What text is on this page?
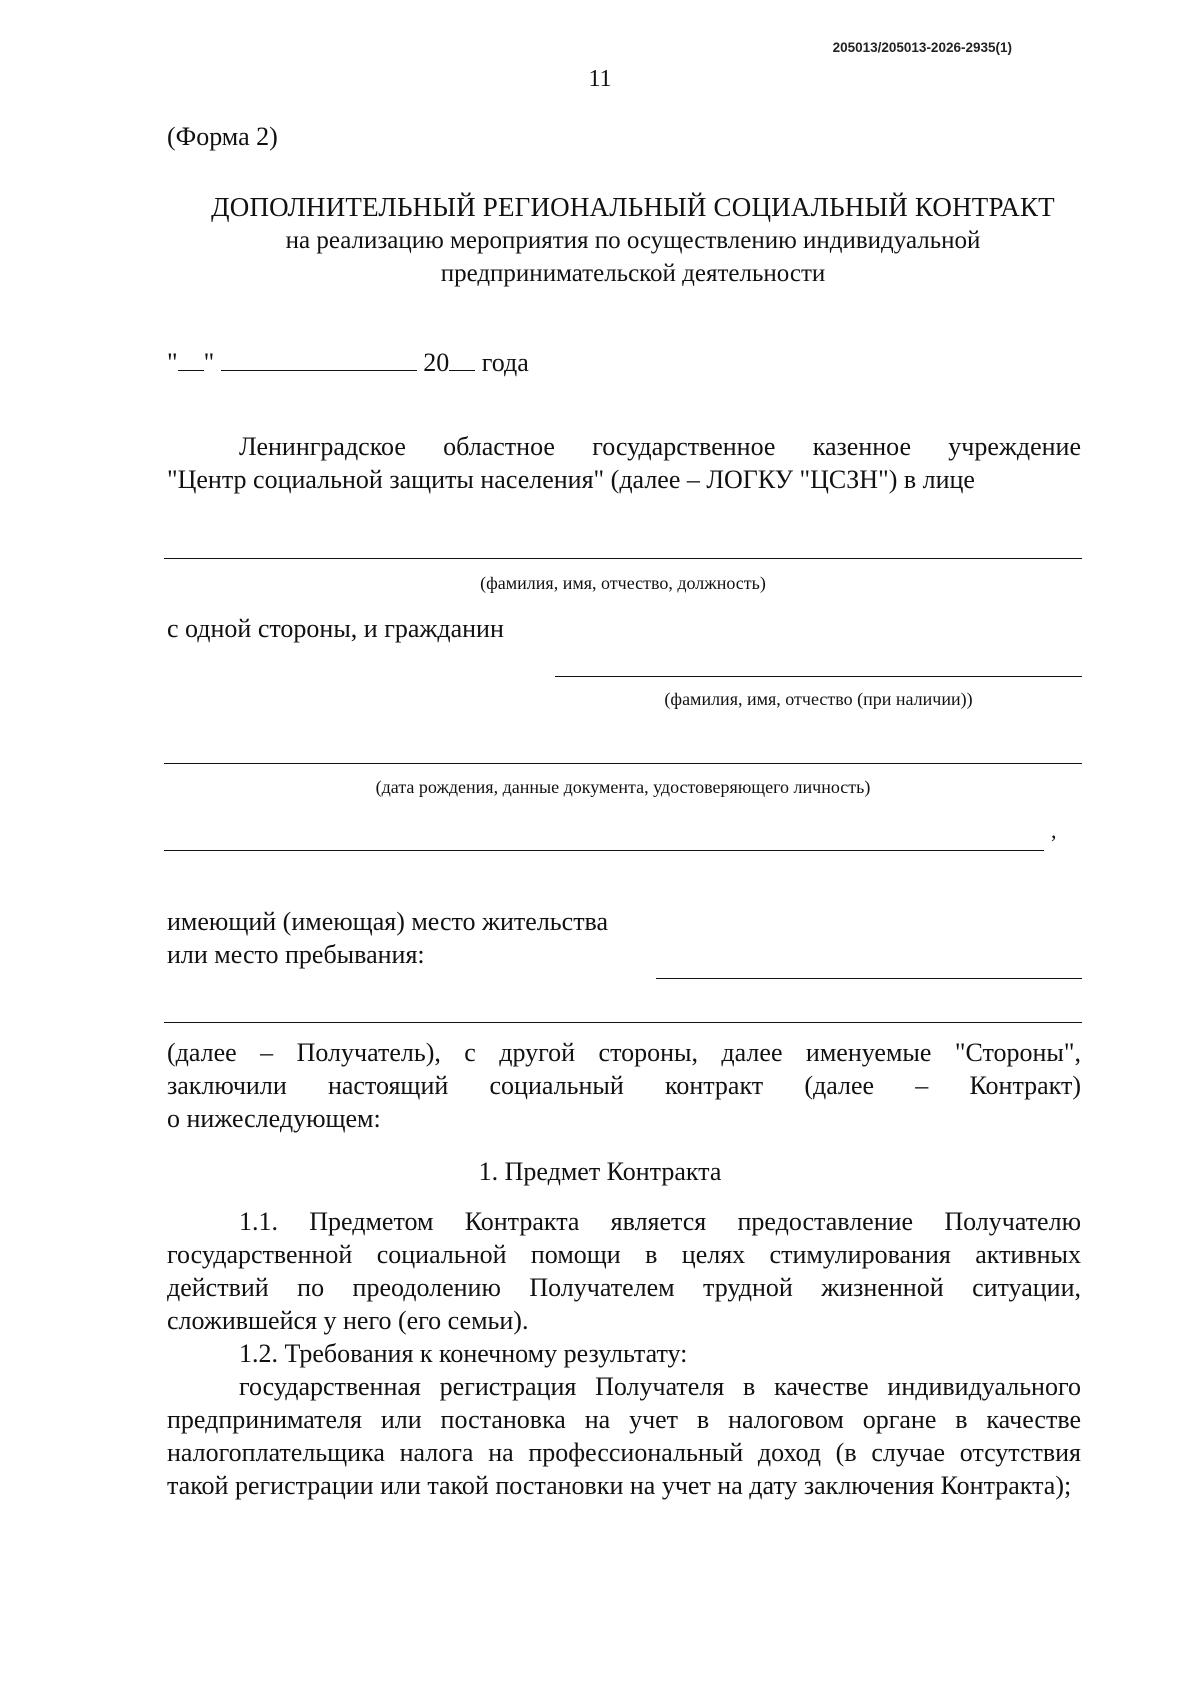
205013/205013-2026-2935(1)
11
(Форма 2)
ДОПОЛНИТЕЛЬНЫЙ РЕГИОНАЛЬНЫЙ СОЦИАЛЬНЫЙ КОНТРАКТ
на реализацию мероприятия по осуществлению индивидуальной
предпринимательской деятельности
" "	20 года
Ленинградское областное государственное казенное учреждение
"Центр социальной защиты населения" (далее – ЛОГКУ "ЦСЗН") в лице
(фамилия, имя, отчество, должность)
с одной стороны, и гражданин
(фамилия, имя, отчество (при наличии))
(дата рождения, данные документа, удостоверяющего личность)
,
имеющий (имеющая) место жительства
или место пребывания:
(далее – Получатель), с другой стороны, далее именуемые "Стороны",
заключили настоящий социальный контракт (далее – Контракт)
о нижеследующем:
1. Предмет Контракта
1.1. Предметом Контракта является предоставление Получателю государственной социальной помощи в целях стимулирования активных действий по преодолению Получателем трудной жизненной ситуации, сложившейся у него (его семьи).
1.2. Требования к конечному результату:
государственная регистрация Получателя в качестве индивидуального предпринимателя или постановка на учет в налоговом органе в качестве налогоплательщика налога на профессиональный доход (в случае отсутствия такой регистрации или такой постановки на учет на дату заключения Контракта);
